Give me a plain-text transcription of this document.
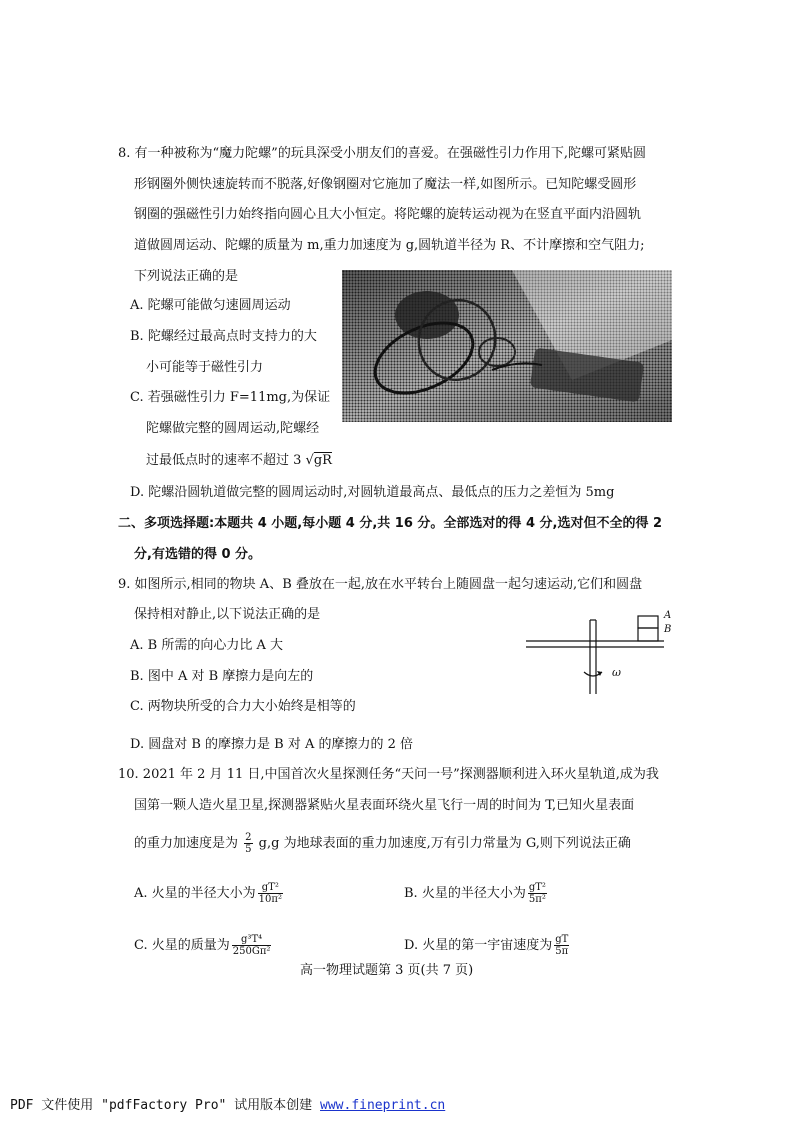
8. 有一种被称为“魔力陀螺”的玩具深受小朋友们的喜爱。在强磁性引力作用下,陀螺可紧贴圆
形钢圈外侧快速旋转而不脱落,好像钢圈对它施加了魔法一样,如图所示。已知陀螺受圆形
钢圈的强磁性引力始终指向圆心且大小恒定。将陀螺的旋转运动视为在竖直平面内沿圆轨
道做圆周运动、陀螺的质量为 m,重力加速度为 g,圆轨道半径为 R、不计摩擦和空气阻力;
下列说法正确的是
A. 陀螺可能做匀速圆周运动
B. 陀螺经过最高点时支持力的大
小可能等于磁性引力
C. 若强磁性引力 F=11mg,为保证
陀螺做完整的圆周运动,陀螺经
过最低点时的速率不超过 3 √gR
D. 陀螺沿圆轨道做完整的圆周运动时,对圆轨道最高点、最低点的压力之差恒为 5mg
二、多项选择题:本题共 4 小题,每小题 4 分,共 16 分。全部选对的得 4 分,选对但不全的得 2
分,有选错的得 0 分。
9. 如图所示,相同的物块 A、B 叠放在一起,放在水平转台上随圆盘一起匀速运动,它们和圆盘
保持相对静止,以下说法正确的是
A. B 所需的向心力比 A 大
B. 图中 A 对 B 摩擦力是向左的
C. 两物块所受的合力大小始终是相等的
D. 圆盘对 B 的摩擦力是 B 对 A 的摩擦力的 2 倍
A
B
ω
10. 2021 年 2 月 11 日,中国首次火星探测任务“天问一号”探测器顺利进入环火星轨道,成为我
国第一颗人造火星卫星,探测器紧贴火星表面环绕火星飞行一周的时间为 T,已知火星表面
的重力加速度是为 $\frac{2}{5} g,g$ 为地球表面的重力加速度,万有引力常量为 G,则下列说法正确
A. 火星的半径大小为 $\frac{\text{gT²}}{\text{10π²}}$	B. 火星的半径大小为 $\frac{\text{gT²}}{\text{5π²}}$
C. 火星的质量为 $\frac{\text{g³T⁴}}{\text{250Gπ²}}$	D. 火星的第一宇宙速度为 $\frac{gT}{5\pi}$
高一物理试题第 3 页(共 7 页)
PDF 文件使用 "pdfFactory Pro" 试用版本创建 www.fineprint.cn
